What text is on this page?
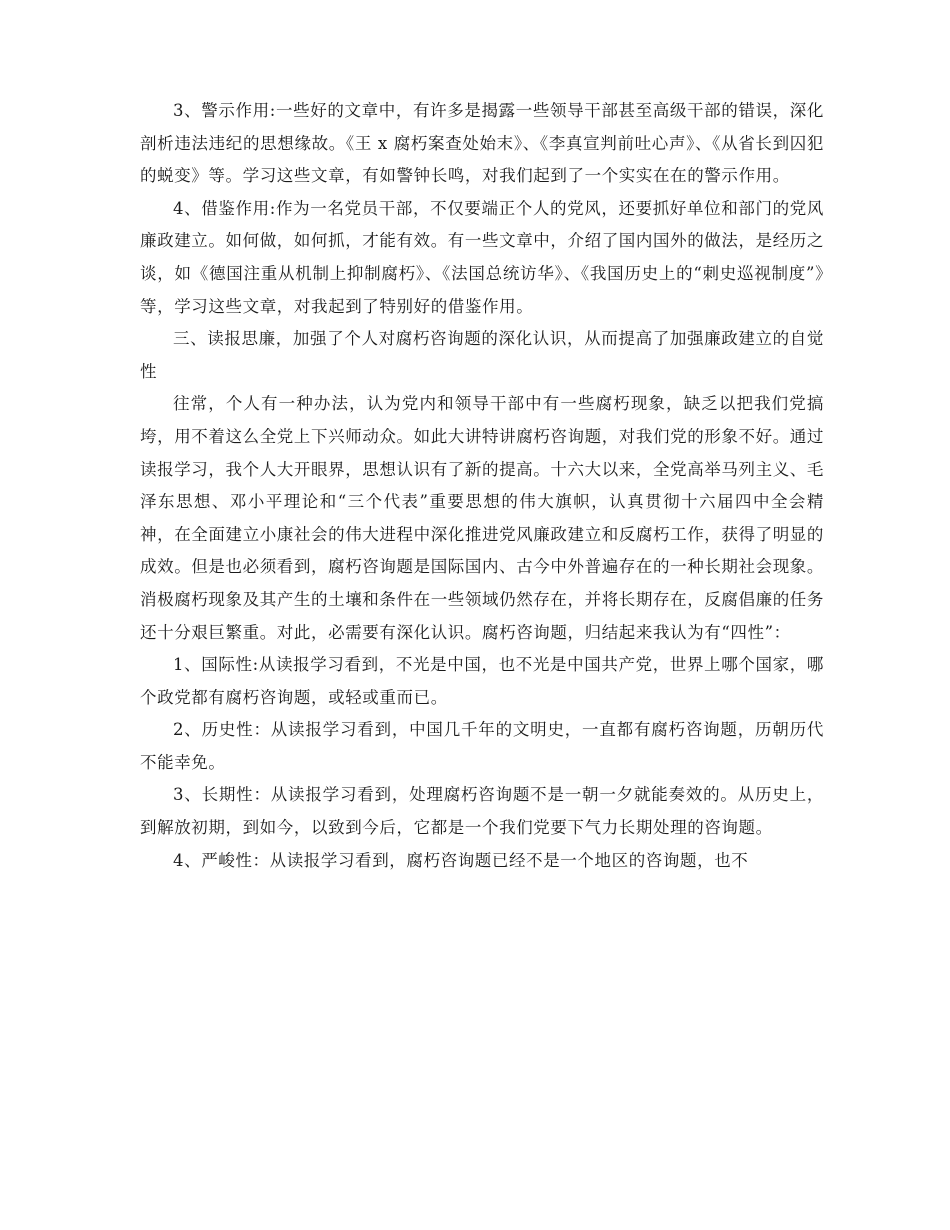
3、警示作用:一些好的文章中，有许多是揭露一些领导干部甚至高级干部的错误，深化剖析违法违纪的思想缘故。《王 x 腐朽案查处始末》、《李真宣判前吐心声》、《从省长到囚犯的蜕变》等。学习这些文章，有如警钟长鸣，对我们起到了一个实实在在的警示作用。

4、借鉴作用:作为一名党员干部，不仅要端正个人的党风，还要抓好单位和部门的党风廉政建立。如何做，如何抓，才能有效。有一些文章中，介绍了国内国外的做法，是经历之谈，如《德国注重从机制上抑制腐朽》、《法国总统访华》、《我国历史上的“刺史巡视制度”》等，学习这些文章，对我起到了特别好的借鉴作用。

三、读报思廉，加强了个人对腐朽咨询题的深化认识，从而提高了加强廉政建立的自觉性

往常，个人有一种办法，认为党内和领导干部中有一些腐朽现象，缺乏以把我们党搞垮，用不着这么全党上下兴师动众。如此大讲特讲腐朽咨询题，对我们党的形象不好。通过读报学习，我个人大开眼界，思想认识有了新的提高。十六大以来，全党高举马列主义、毛泽东思想、邓小平理论和“三个代表”重要思想的伟大旗帜，认真贯彻十六届四中全会精神，在全面建立小康社会的伟大进程中深化推进党风廉政建立和反腐朽工作，获得了明显的成效。但是也必须看到，腐朽咨询题是国际国内、古今中外普遍存在的一种长期社会现象。消极腐朽现象及其产生的土壤和条件在一些领域仍然存在，并将长期存在，反腐倡廉的任务还十分艰巨繁重。对此，必需要有深化认识。腐朽咨询题，归结起来我认为有“四性”：

1、国际性:从读报学习看到，不光是中国，也不光是中国共产党，世界上哪个国家，哪个政党都有腐朽咨询题，或轻或重而已。

2、历史性：从读报学习看到，中国几千年的文明史，一直都有腐朽咨询题，历朝历代不能幸免。

3、长期性：从读报学习看到，处理腐朽咨询题不是一朝一夕就能奏效的。从历史上，到解放初期，到如今，以致到今后，它都是一个我们党要下气力长期处理的咨询题。

4、严峻性：从读报学习看到，腐朽咨询题已经不是一个地区的咨询题，也不
